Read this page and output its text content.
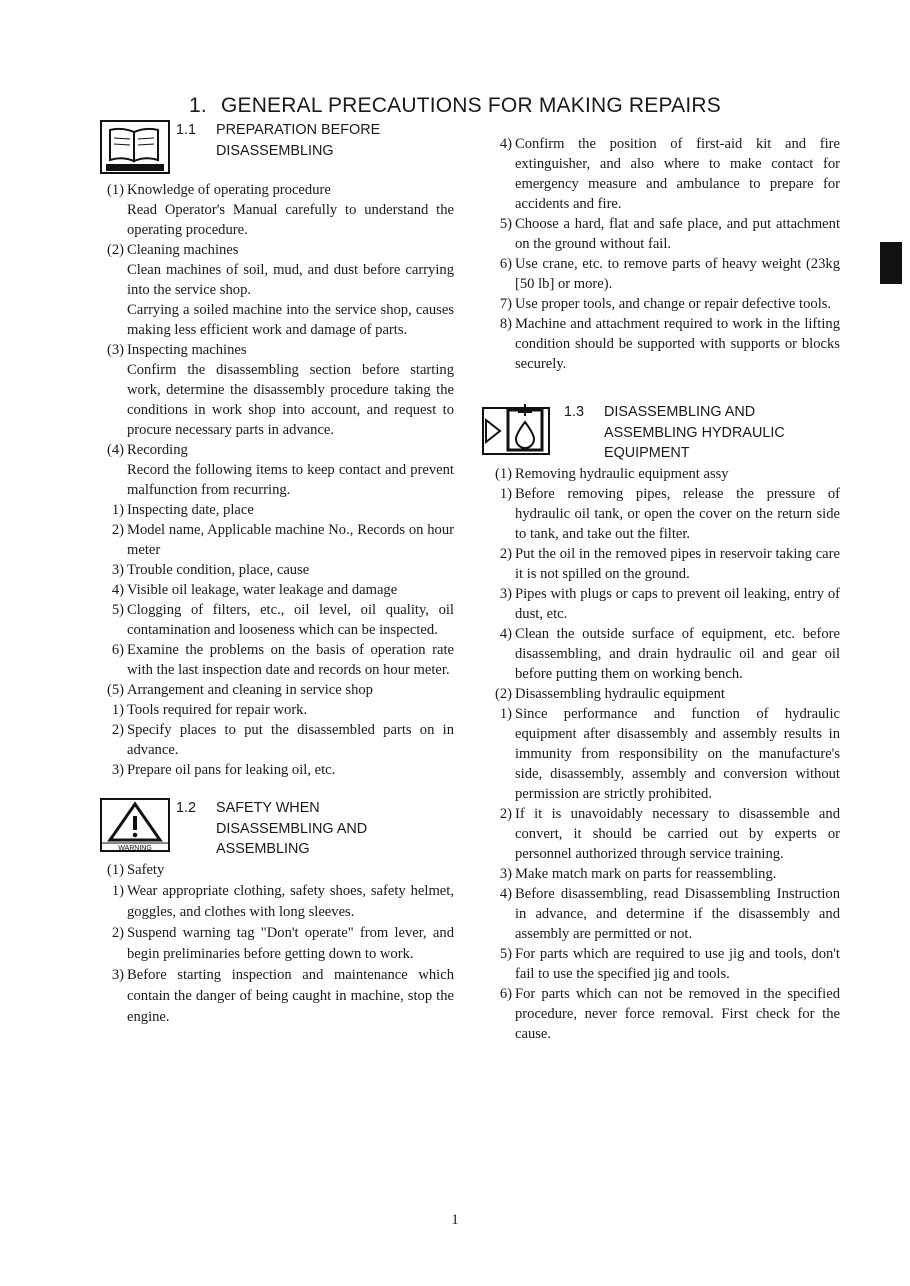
1. GENERAL PRECAUTIONS FOR MAKING REPAIRS
1.1 PREPARATION BEFORE
DISASSEMBLING
(1) Knowledge of operating procedure
Read Operator's Manual carefully to understand the operating procedure.
(2) Cleaning machines
Clean machines of soil, mud, and dust before carrying into the service shop.
Carrying a soiled machine into the service shop, causes making less efficient work and damage of parts.
(3) Inspecting machines
Confirm the disassembling section before starting work, determine the disassembly procedure taking the conditions in work shop into account, and request to procure necessary parts in advance.
(4) Recording
Record the following items to keep contact and prevent malfunction from recurring.
1) Inspecting date, place
2) Model name, Applicable machine No., Records on hour meter
3) Trouble condition, place, cause
4) Visible oil leakage, water leakage and damage
5) Clogging of filters, etc., oil level, oil quality, oil contamination and looseness which can be inspected.
6) Examine the problems on the basis of operation rate with the last inspection date and records on hour meter.
(5) Arrangement and cleaning in service shop
1) Tools required for repair work.
2) Specify places to put the disassembled parts on in advance.
3) Prepare oil pans for leaking oil, etc.
WARNING
1.2 SAFETY WHEN
DISASSEMBLING AND
ASSEMBLING
(1) Safety
1) Wear appropriate clothing, safety shoes, safety helmet, goggles, and clothes with long sleeves.
2) Suspend warning tag "Don't operate" from lever, and begin preliminaries before getting down to work.
3) Before starting inspection and maintenance which contain the danger of being caught in machine, stop the engine.
4) Confirm the position of first-aid kit and fire extinguisher, and also where to make contact for emergency measure and ambulance to prepare for accidents and fire.
5) Choose a hard, flat and safe place, and put attachment on the ground without fail.
6) Use crane, etc. to remove parts of heavy weight (23kg [50 lb] or more).
7) Use proper tools, and change or repair defective tools.
8) Machine and attachment required to work in the lifting condition should be supported with supports or blocks securely.
1.3 DISASSEMBLING AND
ASSEMBLING HYDRAULIC
EQUIPMENT
(1) Removing hydraulic equipment assy
1) Before removing pipes, release the pressure of hydraulic oil tank, or open the cover on the return side to tank, and take out the filter.
2) Put the oil in the removed pipes in reservoir taking care it is not spilled on the ground.
3) Pipes with plugs or caps to prevent oil leaking, entry of dust, etc.
4) Clean the outside surface of equipment, etc. before disassembling, and drain hydraulic oil and gear oil before putting them on working bench.
(2) Disassembling hydraulic equipment
1) Since performance and function of hydraulic equipment after disassembly and assembly results in immunity from responsibility on the manufacture's side, disassembly, assembly and conversion without permission are strictly prohibited.
2) If it is unavoidably necessary to disassemble and convert, it should be carried out by experts or personnel authorized through service training.
3) Make match mark on parts for reassembling.
4) Before disassembling, read Disassembling Instruction in advance, and determine if the disassembly and assembly are permitted or not.
5) For parts which are required to use jig and tools, don't fail to use the specified jig and tools.
6) For parts which can not be removed in the specified procedure, never force removal. First check for the cause.
1
